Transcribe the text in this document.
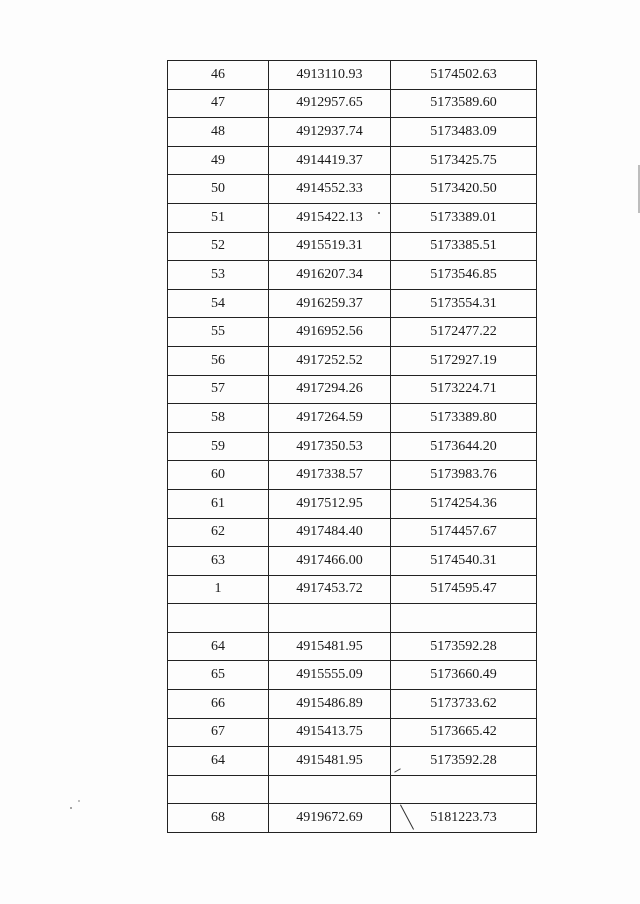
46	4913110.93	5174502.63
47	4912957.65	5173589.60
48	4912937.74	5173483.09
49	4914419.37	5173425.75
50	4914552.33	5173420.50
51	4915422.13	5173389.01
52	4915519.31	5173385.51
53	4916207.34	5173546.85
54	4916259.37	5173554.31
55	4916952.56	5172477.22
56	4917252.52	5172927.19
57	4917294.26	5173224.71
58	4917264.59	5173389.80
59	4917350.53	5173644.20
60	4917338.57	5173983.76
61	4917512.95	5174254.36
62	4917484.40	5174457.67
63	4917466.00	5174540.31
1	4917453.72	5174595.47

64	4915481.95	5173592.28
65	4915555.09	5173660.49
66	4915486.89	5173733.62
67	4915413.75	5173665.42
64	4915481.95	5173592.28

68	4919672.69	5181223.73
